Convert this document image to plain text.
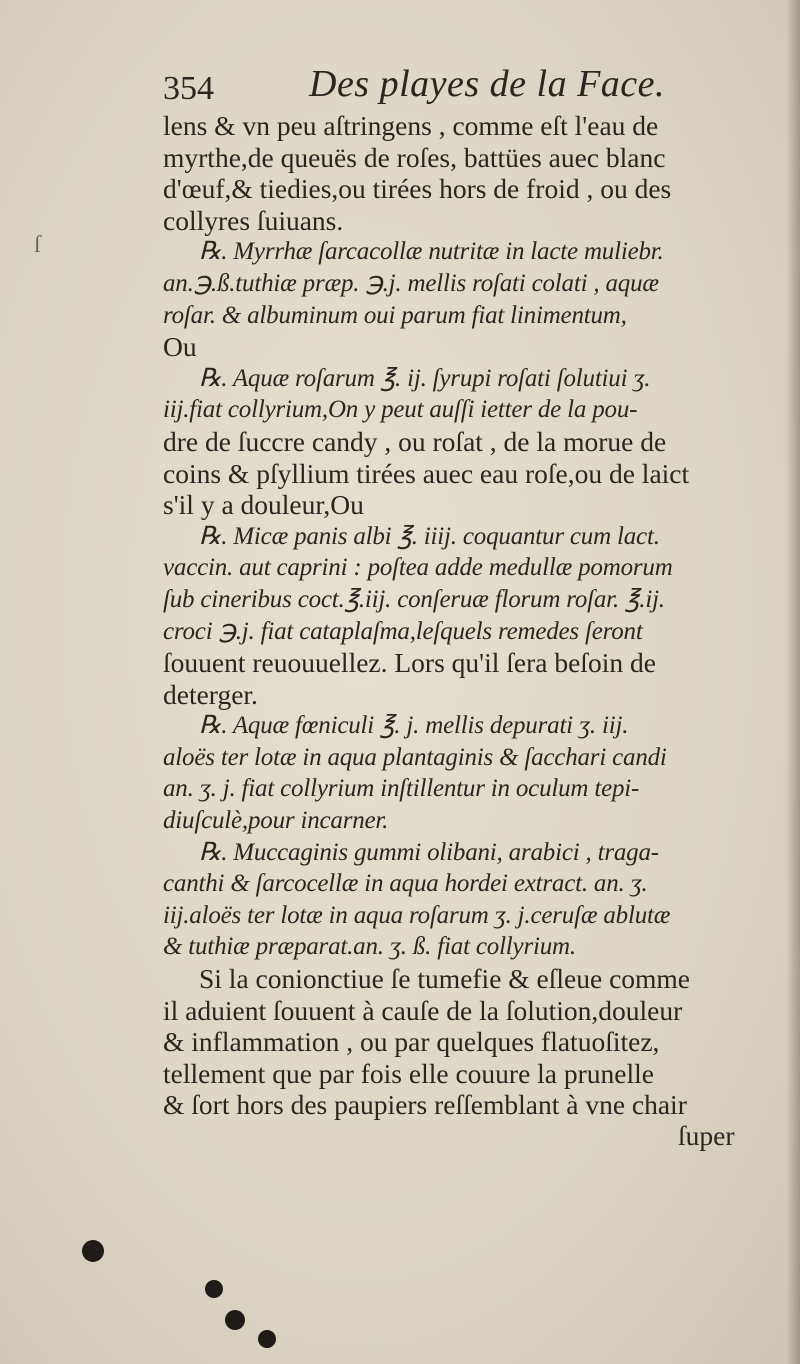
354	Des playes de la Face.
ſ
lens & vn peu aſtringens , comme eſt l'eau de
myrthe,de queuës de roſes, battües auec blanc
d'œuf,& tiedies,ou tirées hors de froid , ou des
collyres ſuiuans.
℞. Myrrhæ ſarcacollæ nutritæ in lacte muliebr.
an.℈.ß.tuthiæ præp. ℈.j. mellis roſati colati , aquæ
roſar. & albuminum oui parum fiat linimentum,
Ou
℞. Aquæ roſarum ℥. ij. ſyrupi roſati ſolutiui ʒ.
iij.fiat collyrium,On y peut auſſi ietter de la pou-
dre de ſuccre candy , ou roſat , de la morue de
coins & pſyllium tirées auec eau roſe,ou de laict
s'il y a douleur,Ou
℞. Micæ panis albi ℥. iiij. coquantur cum lact.
vaccin. aut caprini : poſtea adde medullæ pomorum
ſub cineribus coct.℥.iij. conſeruæ florum roſar. ℥.ij.
croci ℈.j. fiat cataplaſma,leſquels remedes ſeront
ſouuent reuouuellez. Lors qu'il ſera beſoin de
deterger.
℞. Aquæ fœniculi ℥. j. mellis depurati ʒ. iij.
aloës ter lotæ in aqua plantaginis & ſacchari candi
an. ʒ. j. fiat collyrium inſtillentur in oculum tepi-
diuſculè,pour incarner.
℞. Muccaginis gummi olibani, arabici , traga-
canthi & ſarcocellæ in aqua hordei extract. an. ʒ.
iij.aloës ter lotæ in aqua roſarum ʒ. j.ceruſæ ablutæ
& tuthiæ præparat.an. ʒ. ß. fiat collyrium.
Si la conionctiue ſe tumefie & eſleue comme
il aduient ſouuent à cauſe de la ſolution,douleur
& inflammation , ou par quelques flatuoſitez,
tellement que par fois elle couure la prunelle
& ſort hors des paupiers reſſemblant à vne chair
ſuper
